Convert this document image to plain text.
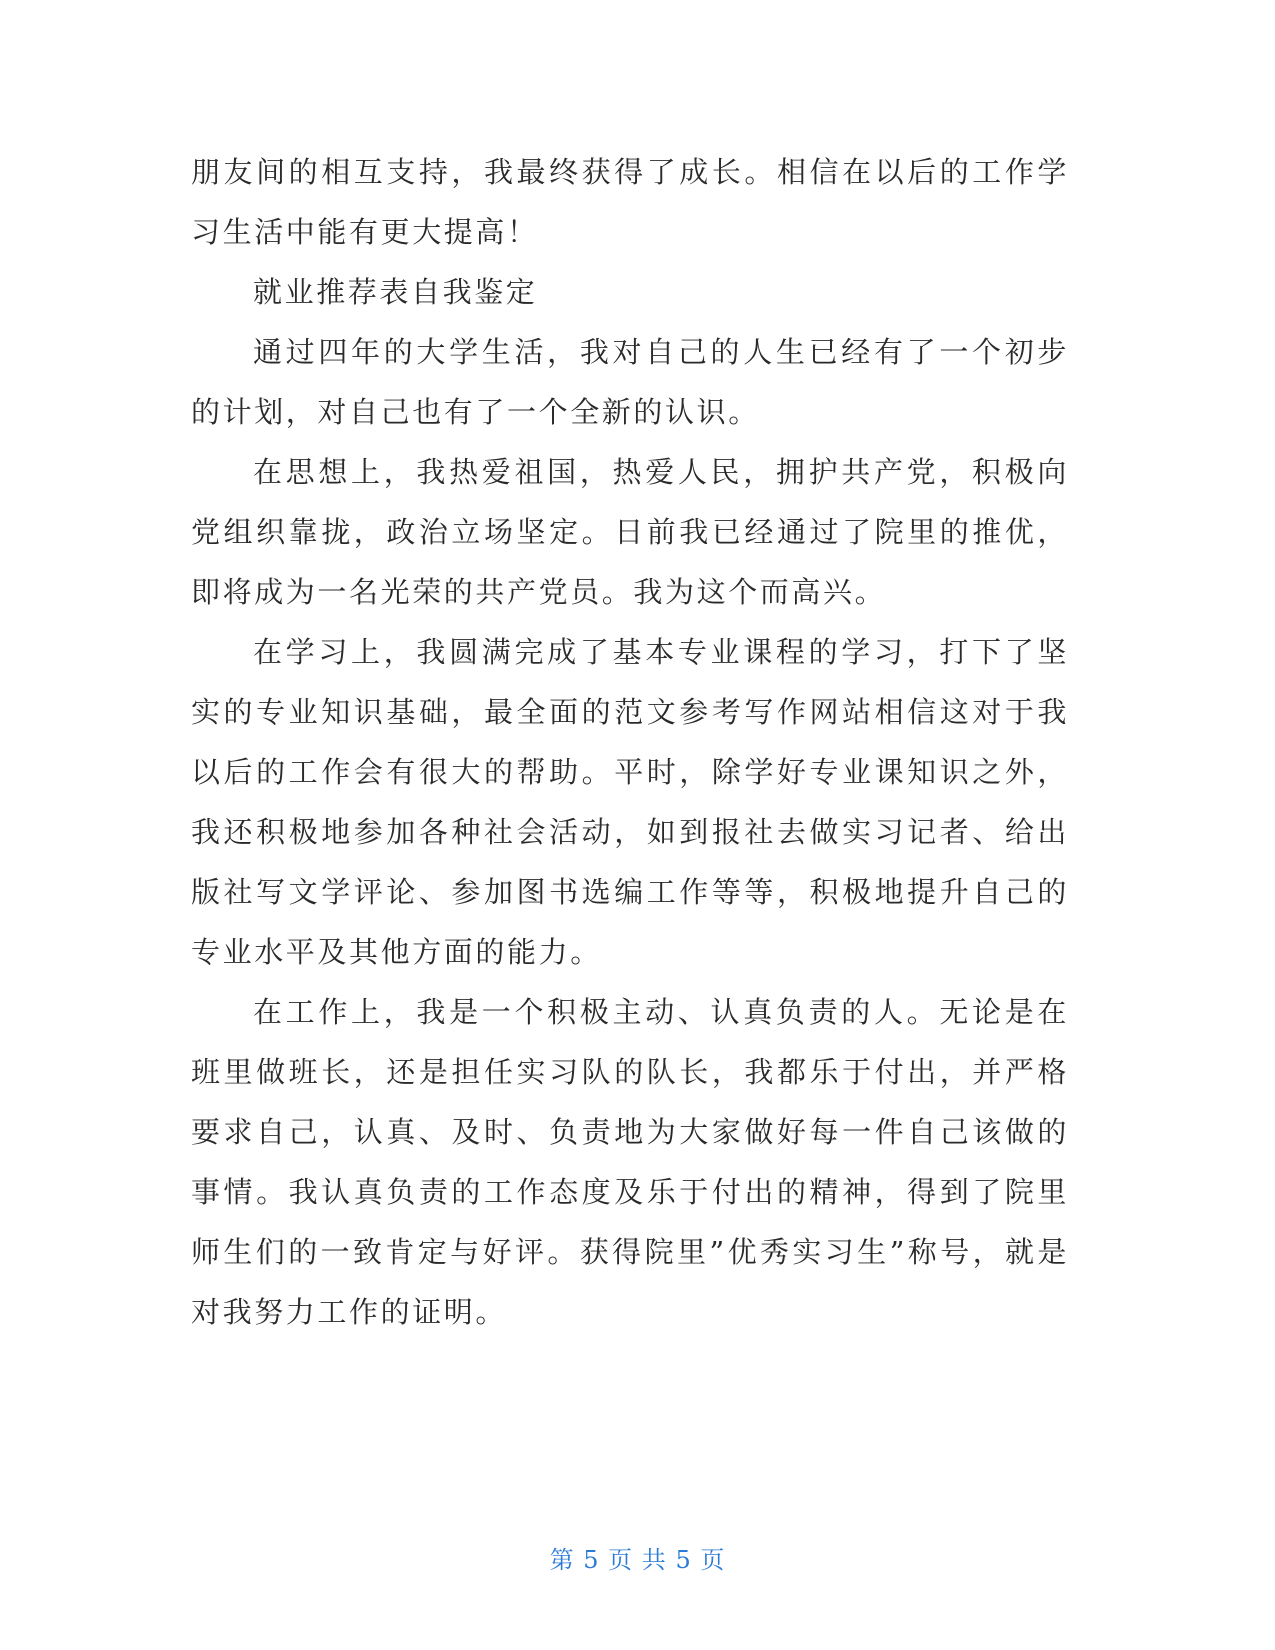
朋友间的相互支持，我最终获得了成长。相信在以后的工作学习生活中能有更大提高！

就业推荐表自我鉴定

通过四年的大学生活，我对自己的人生已经有了一个初步的计划，对自己也有了一个全新的认识。

在思想上，我热爱祖国，热爱人民，拥护共产党，积极向党组织靠拢，政治立场坚定。日前我已经通过了院里的推优，即将成为一名光荣的共产党员。我为这个而高兴。

在学习上，我圆满完成了基本专业课程的学习，打下了坚实的专业知识基础，最全面的范文参考写作网站相信这对于我以后的工作会有很大的帮助。平时，除学好专业课知识之外，我还积极地参加各种社会活动，如到报社去做实习记者、给出版社写文学评论、参加图书选编工作等等，积极地提升自己的专业水平及其他方面的能力。

在工作上，我是一个积极主动、认真负责的人。无论是在班里做班长，还是担任实习队的队长，我都乐于付出，并严格要求自己，认真、及时、负责地为大家做好每一件自己该做的事情。我认真负责的工作态度及乐于付出的精神，得到了院里师生们的一致肯定与好评。获得院里”优秀实习生”称号，就是对我努力工作的证明。

第 5 页 共 5 页
